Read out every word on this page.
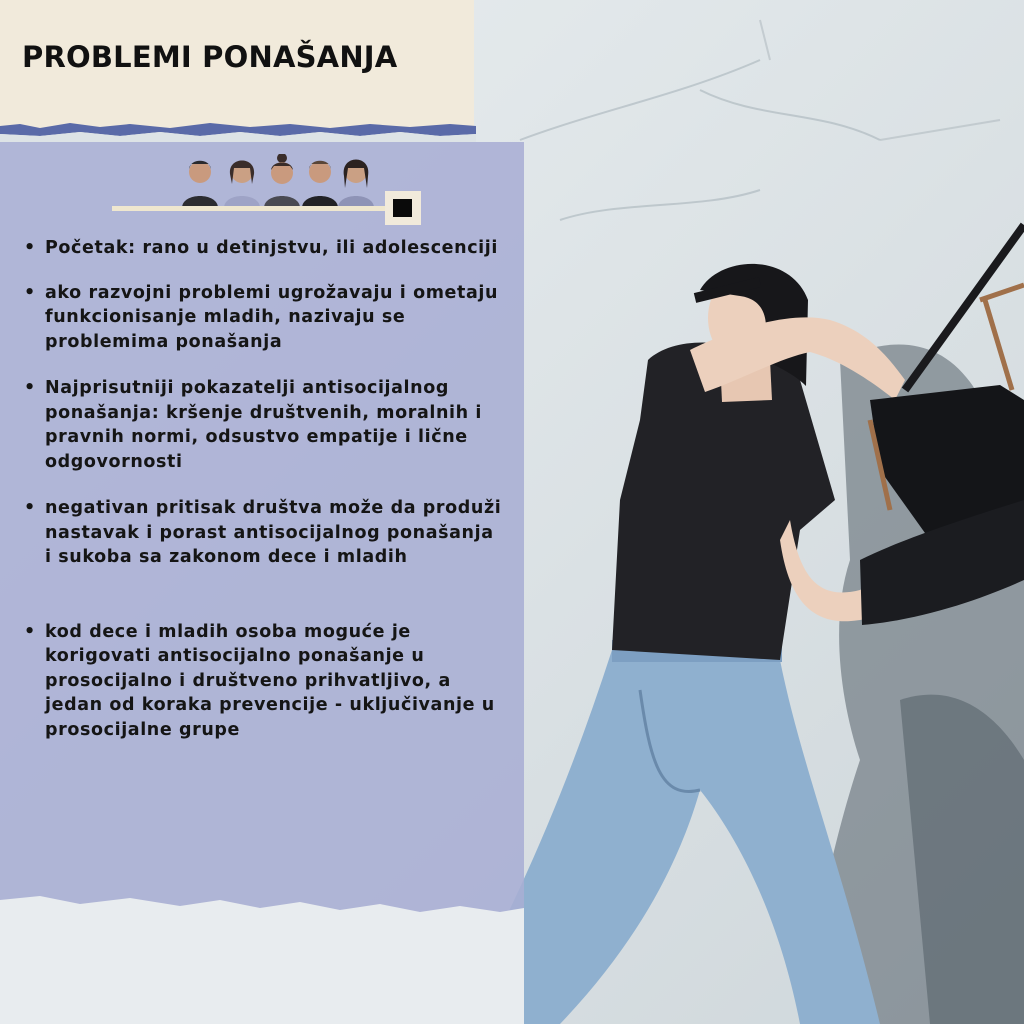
PROBLEMI PONAŠANJA
• Početak: rano u detinjstvu, ili adolescenciji
• ako razvojni problemi ugrožavaju i ometaju funkcionisanje mladih, nazivaju se problemima ponašanja
• Najprisutniji pokazatelji antisocijalnog ponašanja: kršenje društvenih, moralnih i pravnih normi, odsustvo empatije i lične odgovornosti
• negativan pritisak društva može da produži nastavak i porast antisocijalnog ponašanja i sukoba sa zakonom dece i mladih
• kod dece i mladih osoba moguće je korigovati antisocijalno ponašanje u prosocijalno i društveno prihvatljivo, a jedan od koraka prevencije - uključivanje u prosocijalne grupe
